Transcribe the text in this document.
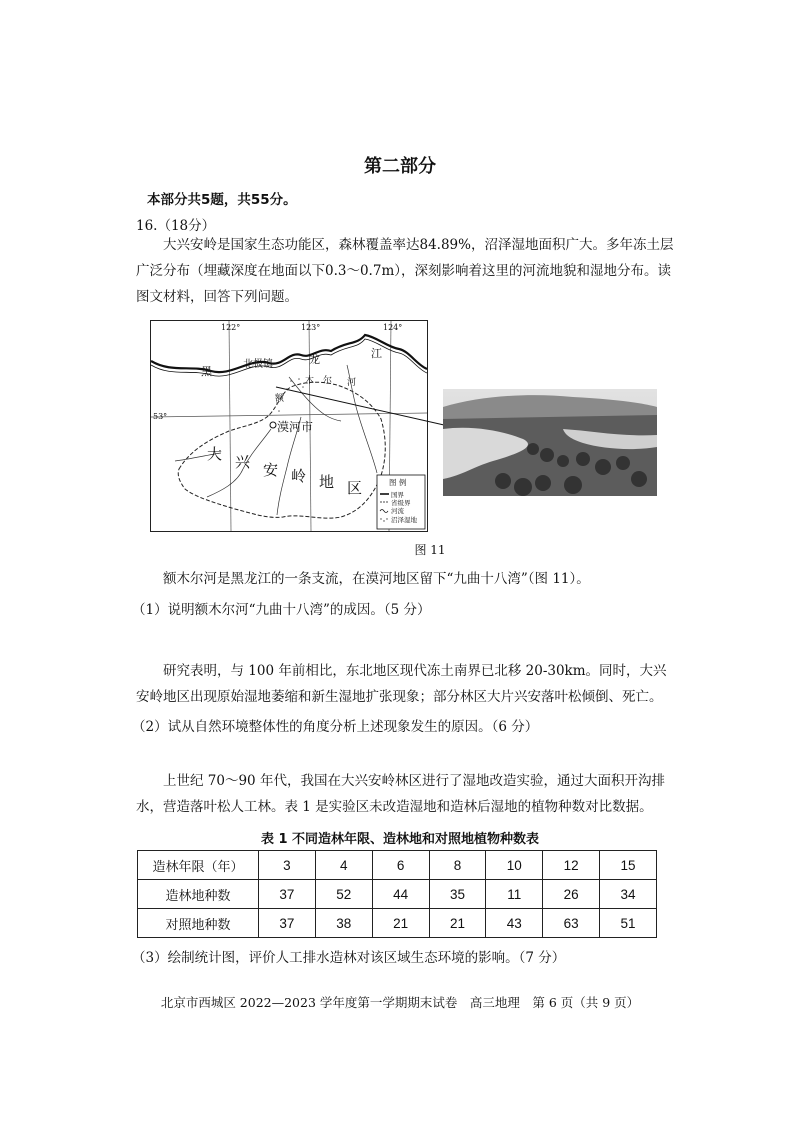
第二部分
本部分共5题，共55分。
16.（18分）

大兴安岭是国家生态功能区，森林覆盖率达84.89%，沼泽湿地面积广大。多年冻土层广泛分布（埋藏深度在地面以下0.3～0.7m），深刻影响着这里的河流地貌和湿地分布。读图文材料，回答下列问题。

122°	123°	124°
53°
北极镇
漠河市
黑
龙	江
额
木 尔 河
大 兴 安 岭 地 区	图 例
国界
省级界
河流
沼泽湿地
图 11

额木尔河是黑龙江的一条支流，在漠河地区留下“九曲十八湾”（图 11）。

（1）说明额木尔河“九曲十八湾”的成因。（5 分）

研究表明，与 100 年前相比，东北地区现代冻土南界已北移 20-30km。同时，大兴安岭地区出现原始湿地萎缩和新生湿地扩张现象；部分林区大片兴安落叶松倾倒、死亡。

（2）试从自然环境整体性的角度分析上述现象发生的原因。（6 分）

上世纪 70～90 年代，我国在大兴安岭林区进行了湿地改造实验，通过大面积开沟排水，营造落叶松人工林。表 1 是实验区未改造湿地和造林后湿地的植物种数对比数据。

表 1 不同造林年限、造林地和对照地植物种数表
造林年限（年）	3	4	6	8	10	12	15
造林地种数	37	52	44	35	11	26	34
对照地种数	37	38	21	21	43	63	51
（3）绘制统计图，评价人工排水造林对该区域生态环境的影响。（7 分）
北京市西城区 2022—2023 学年度第一学期期末试卷　高三地理　第 6 页（共 9 页）
